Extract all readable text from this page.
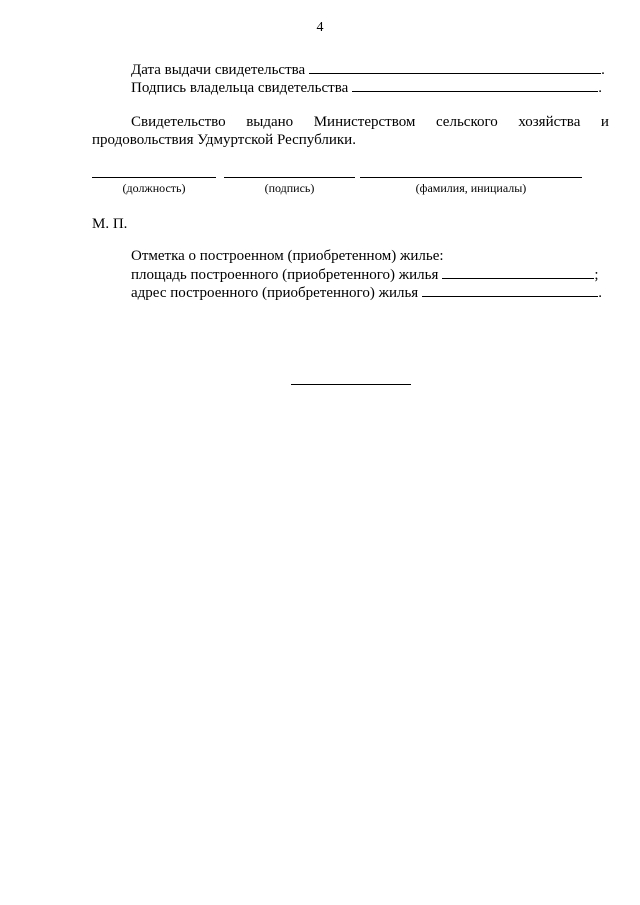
4
Дата выдачи свидетельства	.
Подпись владельца свидетельства	.
Свидетельство выдано Министерством сельского хозяйства и
продовольствия Удмуртской Республики.
(должность)	(подпись)	(фамилия, инициалы)
М. П.
Отметка о построенном (приобретенном) жилье:
площадь построенного (приобретенного) жилья	;
адрес построенного (приобретенного) жилья	.
